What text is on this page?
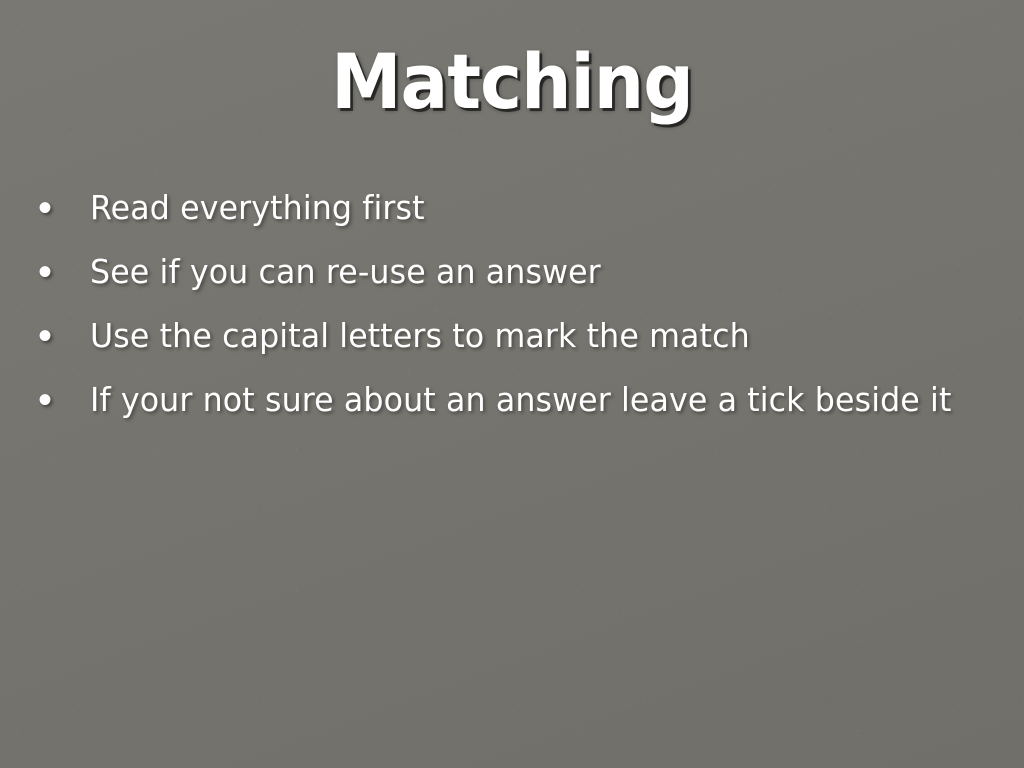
Matching
•	Read everything first
•	See if you can re-use an answer
•	Use the capital letters to mark the match
•	If your not sure about an answer leave a tick beside it
